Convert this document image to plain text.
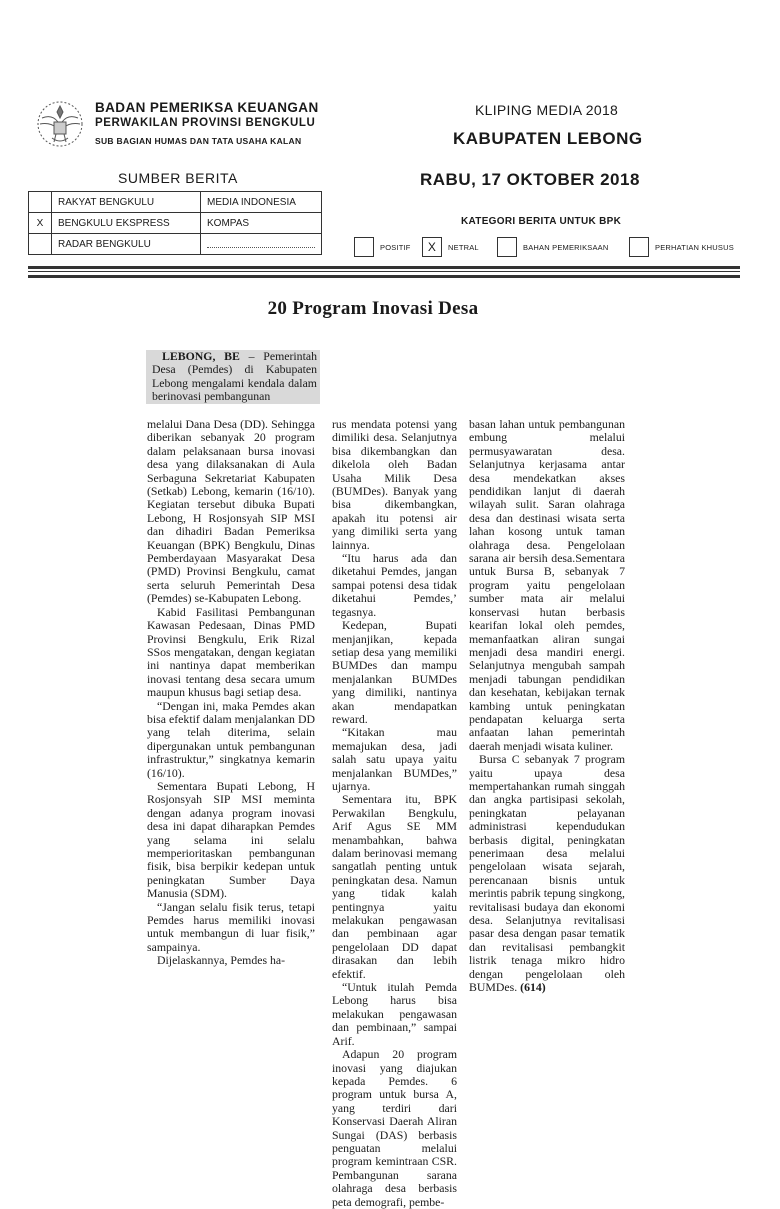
BADAN PEMERIKSA KEUANGAN
PERWAKILAN PROVINSI BENGKULU
SUB BAGIAN HUMAS DAN TATA USAHA KALAN
KLIPING MEDIA 2018
KABUPATEN LEBONG
SUMBER BERITA	RABU, 17 OKTOBER 2018
	RAKYAT BENGKULU	MEDIA INDONESIA
X	BENGKULU EKSPRESS	KOMPAS
	RADAR BENGKULU	
KATEGORI BERITA UNTUK BPK
POSITIF	X	NETRAL	BAHAN PEMERIKSAAN	PERHATIAN KHUSUS
20 Program Inovasi Desa

LEBONG, BE – Pemerintah Desa (Pemdes) di Kabupaten Lebong mengalami kendala dalam berinovasi pembangunan

melalui Dana Desa (DD). Sehingga diberikan sebanyak 20 program dalam pelaksanaan bursa inovasi desa yang dilaksanakan di Aula Serbaguna Sekretariat Kabupaten (Setkab) Lebong, kemarin (16/10). Kegiatan tersebut dibuka Bupati Lebong, H Rosjonsyah SIP MSI dan dihadiri Badan Pemeriksa Keuangan (BPK) Bengkulu, Dinas Pemberdayaan Masyarakat Desa (PMD) Provinsi Bengkulu, camat serta seluruh Pemerintah Desa (Pemdes) se-Kabupaten Lebong.

Kabid Fasilitasi Pembangunan Kawasan Pedesaan, Dinas PMD Provinsi Bengkulu, Erik Rizal SSos mengatakan, dengan kegiatan ini nantinya dapat memberikan inovasi tentang desa secara umum maupun khusus bagi setiap desa.

“Dengan ini, maka Pemdes akan bisa efektif dalam menjalankan DD yang telah diterima, selain dipergunakan untuk pembangunan infrastruktur,” singkatnya kemarin (16/10).

Sementara Bupati Lebong, H Rosjonsyah SIP MSI meminta dengan adanya program inovasi desa ini dapat diharapkan Pemdes yang selama ini selalu memperioritaskan pembangunan fisik, bisa berpikir kedepan untuk peningkatan Sumber Daya Manusia (SDM).

“Jangan selalu fisik terus, tetapi Pemdes harus memiliki inovasi untuk membangun di luar fisik,” sampainya.

Dijelaskannya, Pemdes ha-

rus mendata potensi yang dimiliki desa. Selanjutnya bisa dikembangkan dan dikelola oleh Badan Usaha Milik Desa (BUMDes). Banyak yang bisa dikembangkan, apakah itu potensi air yang dimiliki serta yang lainnya.

“Itu harus ada dan diketahui Pemdes, jangan sampai potensi desa tidak diketahui Pemdes,’ tegasnya.

Kedepan, Bupati menjanjikan, kepada setiap desa yang memiliki BUMDes dan mampu menjalankan BUMDes yang dimiliki, nantinya akan mendapatkan reward.

“Kitakan mau memajukan desa, jadi salah satu upaya yaitu menjalankan BUMDes,” ujarnya.

Sementara itu, BPK Perwakilan Bengkulu, Arif Agus SE MM menambahkan, bahwa dalam berinovasi memang sangatlah penting untuk peningkatan desa. Namun yang tidak kalah pentingnya yaitu melakukan pengawasan dan pembinaan agar pengelolaan DD dapat dirasakan dan lebih efektif.

“Untuk itulah Pemda Lebong harus bisa melakukan pengawasan dan pembinaan,” sampai Arif.

Adapun 20 program inovasi yang diajukan kepada Pemdes. 6 program untuk bursa A, yang terdiri dari Konservasi Daerah Aliran Sungai (DAS) berbasis penguatan melalui program kemintraan CSR. Pembangunan sarana olahraga desa berbasis peta demografi, pembe-

basan lahan untuk pembangunan embung melalui permusyawaratan desa. Selanjutnya kerjasama antar desa mendekatkan akses pendidikan lanjut di daerah wilayah sulit. Saran olahraga desa dan destinasi wisata serta lahan kosong untuk taman olahraga desa. Pengelolaan sarana air bersih desa.Sementara untuk Bursa B, sebanyak 7 program yaitu pengelolaan sumber mata air melalui konservasi hutan berbasis kearifan lokal oleh pemdes, memanfaatkan aliran sungai menjadi desa mandiri energi. Selanjutnya mengubah sampah menjadi tabungan pendidikan dan kesehatan, kebijakan ternak kambing untuk peningkatan pendapatan keluarga serta anfaatan lahan pemerintah daerah menjadi wisata kuliner.

Bursa C sebanyak 7 program yaitu upaya desa mempertahankan rumah singgah dan angka partisipasi sekolah, peningkatan pelayanan administrasi kependudukan berbasis digital, peningkatan penerimaan desa melalui pengelolaan wisata sejarah, perencanaan bisnis untuk merintis pabrik tepung singkong, revitalisasi budaya dan ekonomi desa. Selanjutnya revitalisasi pasar desa dengan pasar tematik dan revitalisasi pembangkit listrik tenaga mikro hidro dengan pengelolaan oleh BUMDes. (614)
